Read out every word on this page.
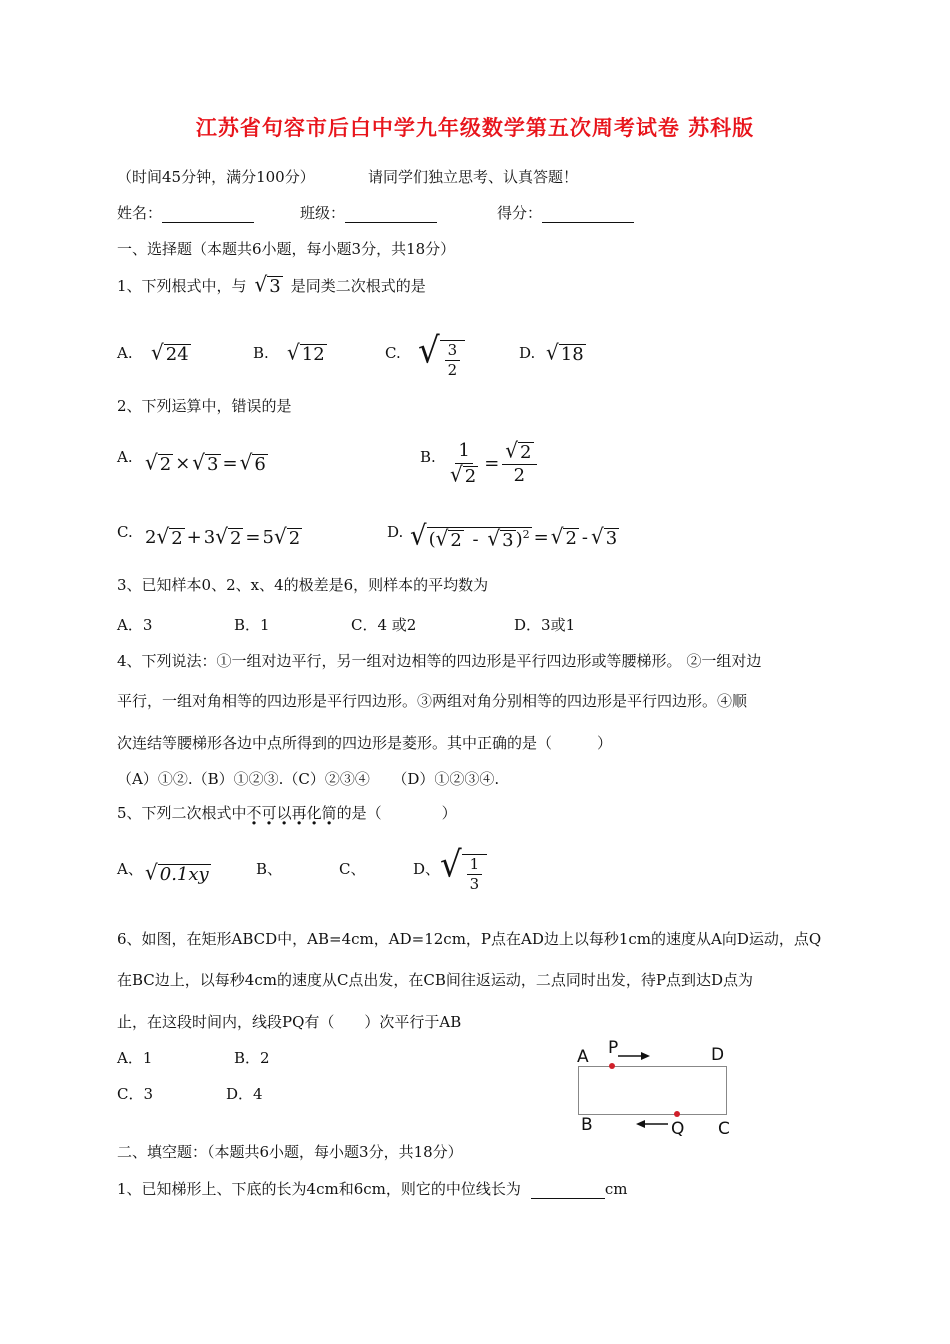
江苏省句容市后白中学九年级数学第五次周考试卷 苏科版
（时间45分钟，满分100分）	请同学们独立思考、认真答题！
姓名：	班级：	得分：
一、选择题（本题共6小题，每小题3分，共18分）
1、下列根式中，与 √ 3 是同类二次根式的是
A. √ 24	B. √ 12	C. √ $\frac{3}{2}$	D. √ 18
2、下列运算中，错误的是
A. √ 2 × √ 3 = √ 6	B. $\frac{1}{√ 2} = \frac{√ 2}{2}$
C. 2 √ 2 + 3 √ 2 = 5 √ 2	D. √ ( √ 2 - √ 3 )$^2$ = √ 2 - √ 3
3、已知样本0、2、x、4的极差是6，则样本的平均数为
A．3	B．1	C．4 或2	D．3或1
4、下列说法：①一组对边平行，另一组对边相等的四边形是平行四边形或等腰梯形。 ②一组对边
平行，一组对角相等的四边形是平行四边形。③两组对角分别相等的四边形是平行四边形。④顺
次连结等腰梯形各边中点所得到的四边形是菱形。其中正确的是（　　　）
（A）①②.（B）①②③.（C）②③④　　（D）①②③④.
5、下列二次根式中不可以再化简的是（　　　　）
A、 √ 0.1xy	B、	C、	D、 √ $\frac{1}{3}$
6、如图，在矩形ABCD中，AB=4cm，AD=12cm，P点在AD边上以每秒1cm的速度从A向D运动，点Q
在BC边上，以每秒4cm的速度从C点出发，在CB间往返运动，二点同时出发，待P点到达D点为
止，在这段时间内，线段PQ有（　　）次平行于AB
A．1	B．2
C．3	D．4
A P	D
B	Q C
二、填空题：（本题共6小题，每小题3分，共18分）
1、已知梯形上、下底的长为4cm和6cm，则它的中位线长为	cm
